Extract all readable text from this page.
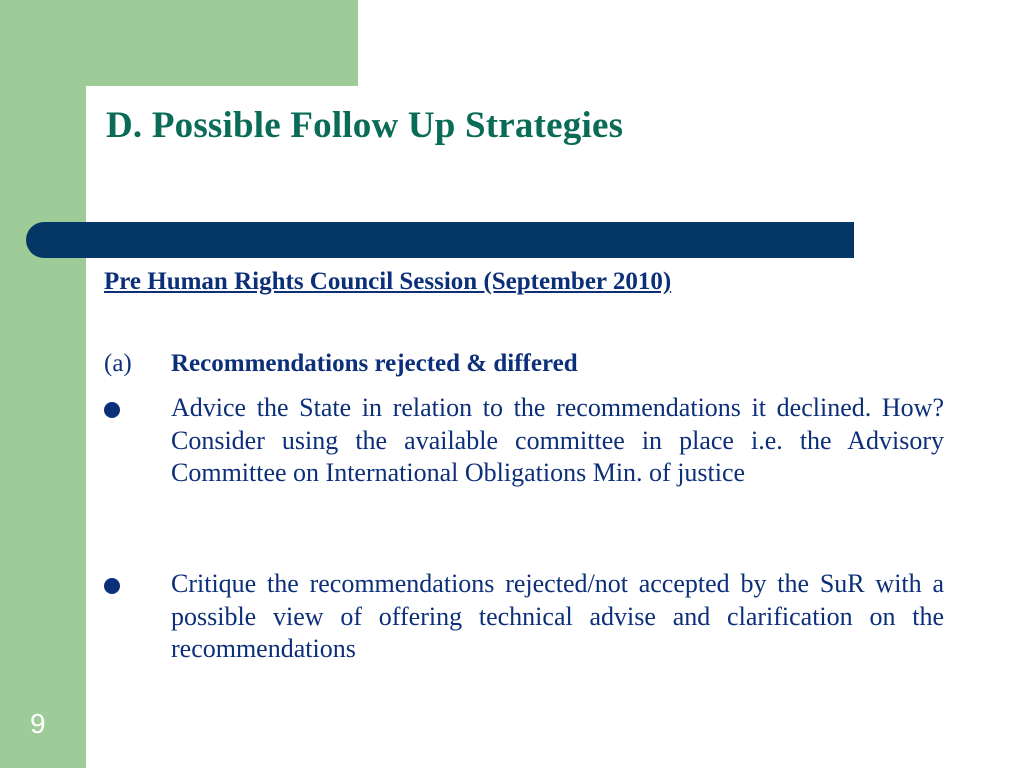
D. Possible Follow Up Strategies
Pre Human Rights Council Session (September 2010)
(a) Recommendations rejected & differed

Advice the State in relation to the recommendations it declined. How? Consider using the available committee in place i.e. the Advisory Committee on International Obligations Min. of justice

Critique the recommendations rejected/not accepted by the SuR with a possible view of offering technical advise and clarification on the recommendations

9
